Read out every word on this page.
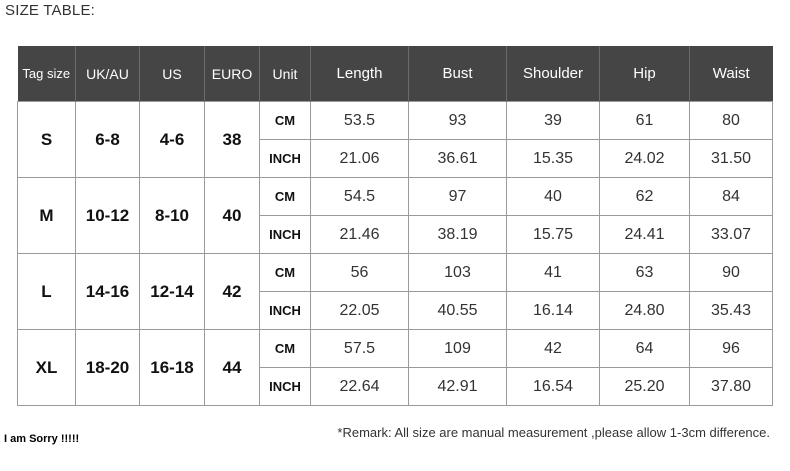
SIZE TABLE:
Tag size	UK/AU	US	EURO	Unit	Length	Bust	Shoulder	Hip	Waist
S	6-8	4-6	38	CM	53.5	93	39	61	80
				INCH	21.06	36.61	15.35	24.02	31.50
M	10-12	8-10	40	CM	54.5	97	40	62	84
				INCH	21.46	38.19	15.75	24.41	33.07
L	14-16	12-14	42	CM	56	103	41	63	90
				INCH	22.05	40.55	16.14	24.80	35.43
XL	18-20	16-18	44	CM	57.5	109	42	64	96
				INCH	22.64	42.91	16.54	25.20	37.80
*Remark: All size are manual measurement ,please allow 1-3cm difference.
I am Sorry !!!!!
